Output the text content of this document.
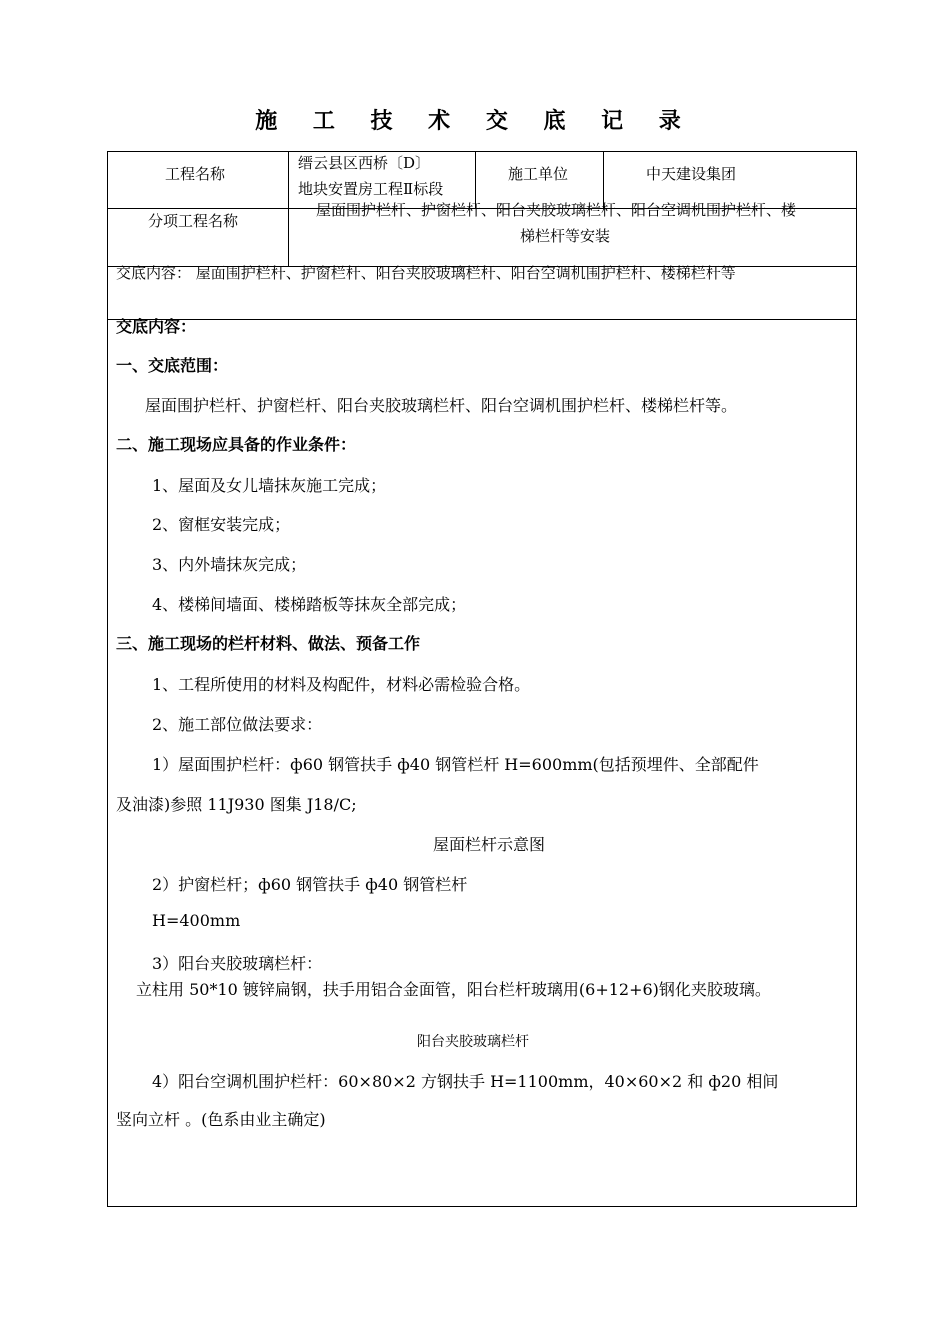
施 工 技 术 交 底 记 录
工程名称
缙云县区西桥〔D〕
地块安置房工程Ⅱ标段
施工单位	中天建设集团
分项工程名称
屋面围护栏杆、护窗栏杆、阳台夹胶玻璃栏杆、阳台空调机围护栏杆、楼
梯栏杆等安装
交底内容： 屋面围护栏杆、护窗栏杆、阳台夹胶玻璃栏杆、阳台空调机围护栏杆、楼梯栏杆等
交底内容：
一、交底范围：
屋面围护栏杆、护窗栏杆、阳台夹胶玻璃栏杆、阳台空调机围护栏杆、楼梯栏杆等。
二、施工现场应具备的作业条件：
1、屋面及女儿墙抹灰施工完成；
2、窗框安装完成；
3、内外墙抹灰完成；
4、楼梯间墙面、楼梯踏板等抹灰全部完成；
三、施工现场的栏杆材料、做法、预备工作
1、工程所使用的材料及构配件，材料必需检验合格。
2、施工部位做法要求：
1）屋面围护栏杆：ф60 钢管扶手 ф40 钢管栏杆 H=600mm(包括预埋件、全部配件
及油漆)参照 11J930 图集 J18/C;
屋面栏杆示意图
2）护窗栏杆；ф60 钢管扶手 ф40 钢管栏杆
H=400mm
3）阳台夹胶玻璃栏杆：
立柱用 50*10 镀锌扁钢，扶手用铝合金面管，阳台栏杆玻璃用(6+12+6)钢化夹胶玻璃。
阳台夹胶玻璃栏杆
4）阳台空调机围护栏杆：60×80×2 方钢扶手 H=1100mm，40×60×2 和 ф20 相间
竖向立杆 。(色系由业主确定)
